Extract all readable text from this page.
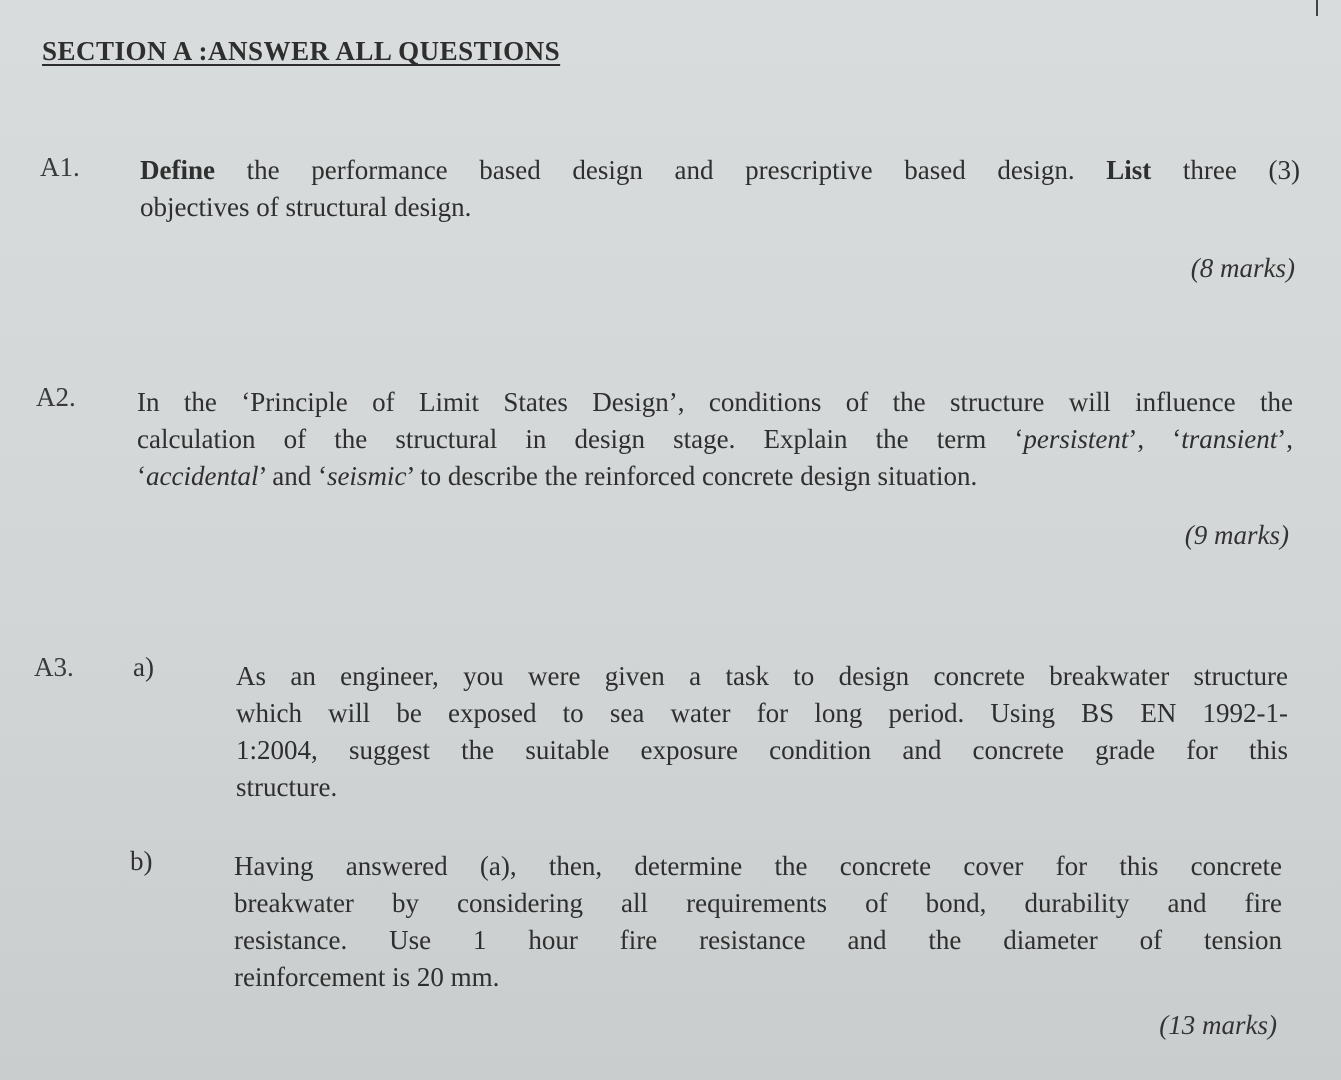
SECTION A :ANSWER ALL QUESTIONS
A1. Define the performance based design and prescriptive based design. List three (3)
objectives of structural design.
(8 marks)
A2. In the ‘Principle of Limit States Design’, conditions of the structure will influence the
calculation of the structural in design stage. Explain the term ‘persistent’, ‘transient’,
‘accidental’ and ‘seismic’ to describe the reinforced concrete design situation.
(9 marks)
A3. a)	As an engineer, you were given a task to design concrete breakwater structure
which will be exposed to sea water for long period. Using BS EN 1992-1-
1:2004, suggest the suitable exposure condition and concrete grade for this
structure.
b)	Having answered (a), then, determine the concrete cover for this concrete
breakwater by considering all requirements of bond, durability and fire
resistance. Use 1 hour fire resistance and the diameter of tension
reinforcement is 20 mm.
(13 marks)
